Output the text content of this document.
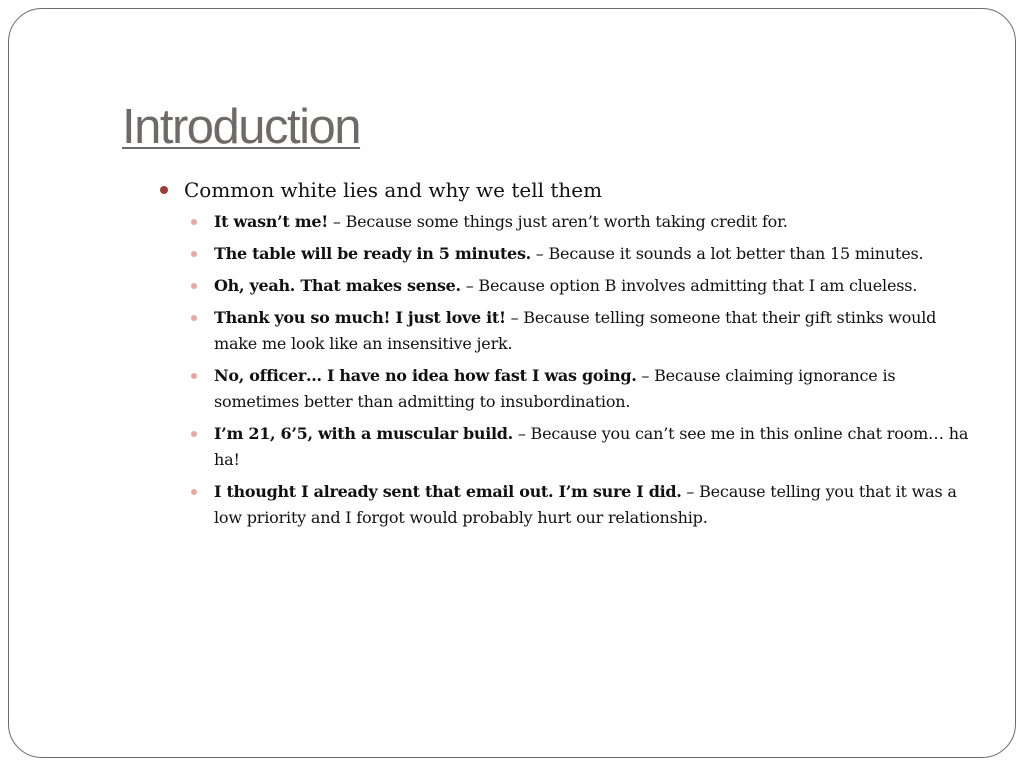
Introduction
Common white lies and why we tell them
It wasn’t me! – Because some things just aren’t worth taking credit for.
The table will be ready in 5 minutes. – Because it sounds a lot better than 15 minutes.
Oh, yeah. That makes sense. – Because option B involves admitting that I am clueless.
Thank you so much! I just love it! – Because telling someone that their gift stinks would make me look like an insensitive jerk.
No, officer… I have no idea how fast I was going. – Because claiming ignorance is sometimes better than admitting to insubordination.
I’m 21, 6’5, with a muscular build. – Because you can’t see me in this online chat room… ha ha!
I thought I already sent that email out. I’m sure I did. – Because telling you that it was a low priority and I forgot would probably hurt our relationship.
